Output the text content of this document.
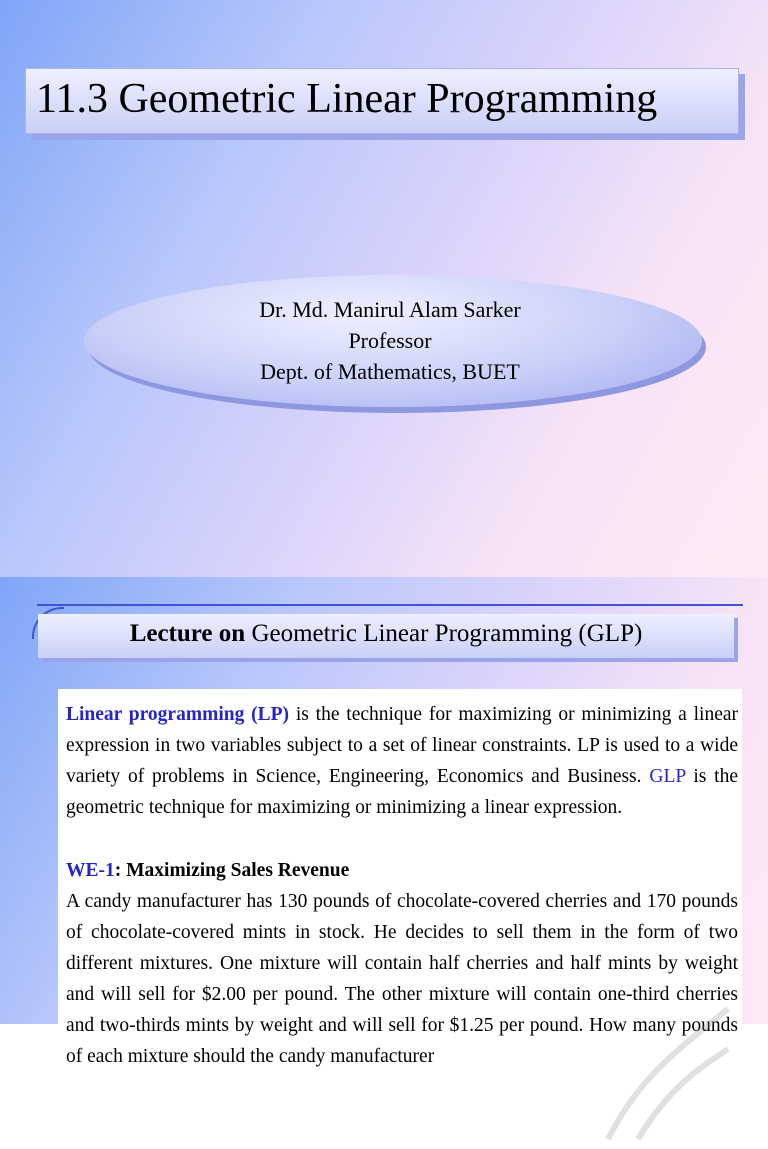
11.3 Geometric Linear Programming
Dr. Md. Manirul Alam Sarker
Professor
Dept. of Mathematics, BUET
Lecture on Geometric Linear Programming (GLP)
Linear programming (LP) is the technique for maximizing or minimizing a linear expression in two variables subject to a set of linear constraints. LP is used to a wide variety of problems in Science, Engineering, Economics and Business. GLP is the geometric technique for maximizing or minimizing a linear expression.
WE-1: Maximizing Sales Revenue
A candy manufacturer has 130 pounds of chocolate-covered cherries and 170 pounds of chocolate-covered mints in stock. He decides to sell them in the form of two different mixtures. One mixture will contain half cherries and half mints by weight and will sell for $2.00 per pound. The other mixture will contain one-third cherries and two-thirds mints by weight and will sell for $1.25 per pound. How many pounds of each mixture should the candy manufacturer
